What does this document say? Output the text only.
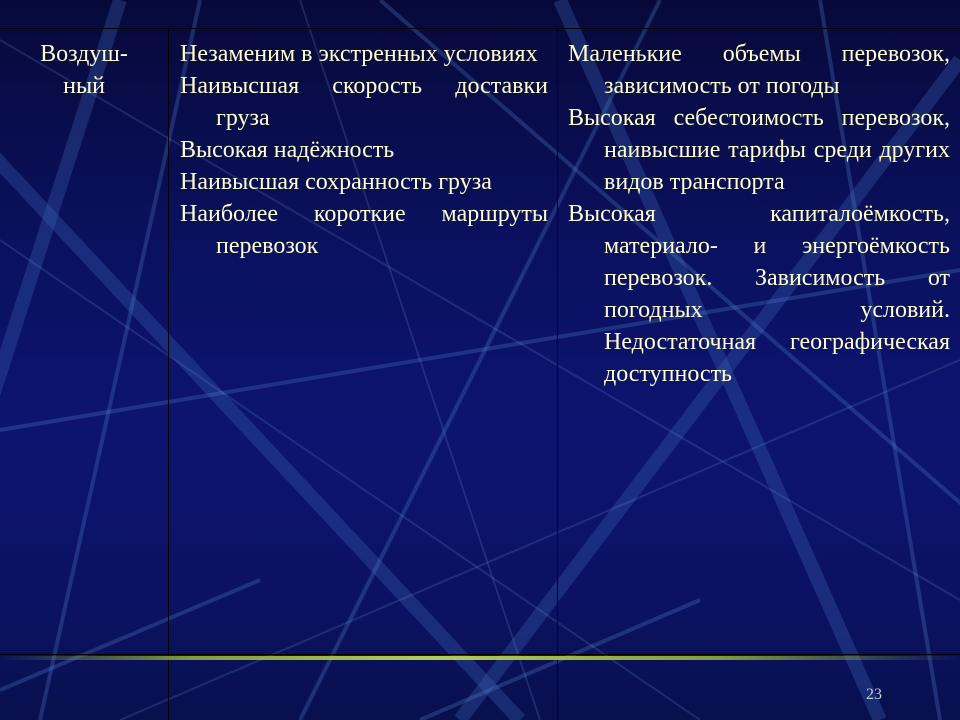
Воздуш-
ный

Незаменим в экстренных условиях

Наивысшая скорость доставки груза

Высокая надёжность

Наивысшая сохранность груза

Наиболее короткие маршруты перевозок

Маленькие объемы перевозок, зависимость от погоды

Высокая себестоимость перевозок, наивысшие тарифы среди других видов транспорта

Высокая капиталоёмкость, материало- и энергоёмкость перевозок. Зависимость от погодных условий. Недостаточная географическая доступность

23
